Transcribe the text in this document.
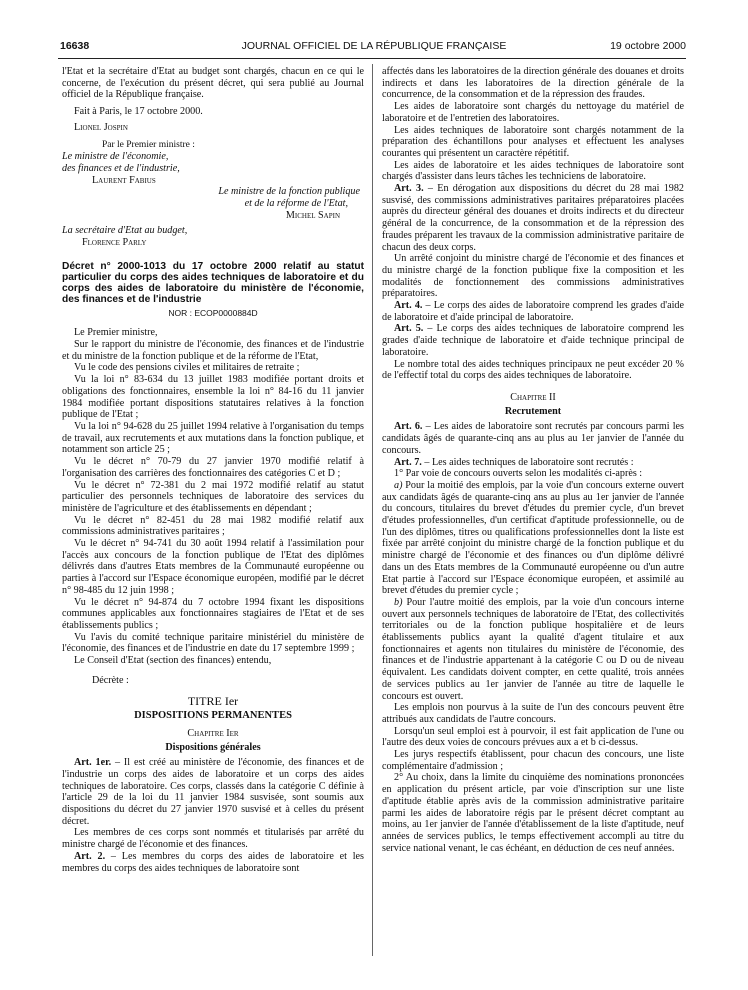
16638	JOURNAL OFFICIEL DE LA RÉPUBLIQUE FRANÇAISE	19 octobre 2000

l'Etat et la secrétaire d'Etat au budget sont chargés, chacun en ce qui le concerne, de l'exécution du présent décret, qui sera publié au Journal officiel de la République française.

Fait à Paris, le 17 octobre 2000.

Lionel Jospin

Par le Premier ministre :

Le ministre de l'économie,

des finances et de l'industrie,

Laurent Fabius

Le ministre de la fonction publique

et de la réforme de l'Etat,

Michel Sapin

La secrétaire d'Etat au budget,

Florence Parly

Décret n° 2000-1013 du 17 octobre 2000 relatif au statut particulier du corps des aides techniques de laboratoire et du corps des aides de laboratoire du ministère de l'économie, des finances et de l'industrie
NOR : ECOP0000884D

Le Premier ministre,

Sur le rapport du ministre de l'économie, des finances et de l'industrie et du ministre de la fonction publique et de la réforme de l'Etat,

Vu le code des pensions civiles et militaires de retraite ;

Vu la loi n° 83-634 du 13 juillet 1983 modifiée portant droits et obligations des fonctionnaires, ensemble la loi n° 84-16 du 11 janvier 1984 modifiée portant dispositions statutaires relatives à la fonction publique de l'Etat ;

Vu la loi n° 94-628 du 25 juillet 1994 relative à l'organisation du temps de travail, aux recrutements et aux mutations dans la fonction publique, et notamment son article 25 ;

Vu le décret n° 70-79 du 27 janvier 1970 modifié relatif à l'organisation des carrières des fonctionnaires des catégories C et D ;

Vu le décret n° 72-381 du 2 mai 1972 modifié relatif au statut particulier des personnels techniques de laboratoire des services du ministère de l'agriculture et des établissements en dépendant ;

Vu le décret n° 82-451 du 28 mai 1982 modifié relatif aux commissions administratives paritaires ;

Vu le décret n° 94-741 du 30 août 1994 relatif à l'assimilation pour l'accès aux concours de la fonction publique de l'Etat des diplômes délivrés dans d'autres Etats membres de la Communauté européenne ou parties à l'accord sur l'Espace économique européen, modifié par le décret n° 98-485 du 12 juin 1998 ;

Vu le décret n° 94-874 du 7 octobre 1994 fixant les dispositions communes applicables aux fonctionnaires stagiaires de l'Etat et de ses établissements publics ;

Vu l'avis du comité technique paritaire ministériel du ministère de l'économie, des finances et de l'industrie en date du 17 septembre 1999 ;

Le Conseil d'Etat (section des finances) entendu,

Décrète :

TITRE Ier
DISPOSITIONS PERMANENTES
Chapitre Ier
Dispositions générales

Art. 1er. – Il est créé au ministère de l'économie, des finances et de l'industrie un corps des aides de laboratoire et un corps des aides techniques de laboratoire. Ces corps, classés dans la catégorie C définie à l'article 29 de la loi du 11 janvier 1984 susvisée, sont soumis aux dispositions du décret du 27 janvier 1970 susvisé et à celles du présent décret.

Les membres de ces corps sont nommés et titularisés par arrêté du ministre chargé de l'économie et des finances.

Art. 2. – Les membres du corps des aides de laboratoire et les membres du corps des aides techniques de laboratoire sont

affectés dans les laboratoires de la direction générale des douanes et droits indirects et dans les laboratoires de la direction générale de la concurrence, de la consommation et de la répression des fraudes.

Les aides de laboratoire sont chargés du nettoyage du matériel de laboratoire et de l'entretien des laboratoires.

Les aides techniques de laboratoire sont chargés notamment de la préparation des échantillons pour analyses et effectuent les analyses courantes qui présentent un caractère répétitif.

Les aides de laboratoire et les aides techniques de laboratoire sont chargés d'assister dans leurs tâches les techniciens de laboratoire.

Art. 3. – En dérogation aux dispositions du décret du 28 mai 1982 susvisé, des commissions administratives paritaires préparatoires placées auprès du directeur général des douanes et droits indirects et du directeur général de la concurrence, de la consommation et de la répression des fraudes préparent les travaux de la commission administrative paritaire de chacun des deux corps.

Un arrêté conjoint du ministre chargé de l'économie et des finances et du ministre chargé de la fonction publique fixe la composition et les modalités de fonctionnement des commissions administratives préparatoires.

Art. 4. – Le corps des aides de laboratoire comprend les grades d'aide de laboratoire et d'aide principal de laboratoire.

Art. 5. – Le corps des aides techniques de laboratoire comprend les grades d'aide technique de laboratoire et d'aide technique principal de laboratoire.

Le nombre total des aides techniques principaux ne peut excéder 20 % de l'effectif total du corps des aides techniques de laboratoire.

Chapitre II
Recrutement

Art. 6. – Les aides de laboratoire sont recrutés par concours parmi les candidats âgés de quarante-cinq ans au plus au 1er janvier de l'année du concours.

Art. 7. – Les aides techniques de laboratoire sont recrutés :

1° Par voie de concours ouverts selon les modalités ci-après :

a) Pour la moitié des emplois, par la voie d'un concours externe ouvert aux candidats âgés de quarante-cinq ans au plus au 1er janvier de l'année du concours, titulaires du brevet d'études du premier cycle, d'un brevet d'études professionnelles, d'un certificat d'aptitude professionnelle, ou de l'un des diplômes, titres ou qualifications professionnelles dont la liste est fixée par arrêté conjoint du ministre chargé de la fonction publique et du ministre chargé de l'économie et des finances ou d'un diplôme délivré dans un des Etats membres de la Communauté européenne ou d'un autre Etat partie à l'accord sur l'Espace économique européen, et assimilé au brevet d'études du premier cycle ;

b) Pour l'autre moitié des emplois, par la voie d'un concours interne ouvert aux personnels techniques de laboratoire de l'Etat, des collectivités territoriales ou de la fonction publique hospitalière et de leurs établissements publics ayant la qualité d'agent titulaire et aux fonctionnaires et agents non titulaires du ministère de l'économie, des finances et de l'industrie appartenant à la catégorie C ou D ou de niveau équivalent. Les candidats doivent compter, en cette qualité, trois années de services publics au 1er janvier de l'année au titre de laquelle le concours est ouvert.

Les emplois non pourvus à la suite de l'un des concours peuvent être attribués aux candidats de l'autre concours.

Lorsqu'un seul emploi est à pourvoir, il est fait application de l'une ou l'autre des deux voies de concours prévues aux a et b ci-dessus.

Les jurys respectifs établissent, pour chacun des concours, une liste complémentaire d'admission ;

2° Au choix, dans la limite du cinquième des nominations prononcées en application du présent article, par voie d'inscription sur une liste d'aptitude établie après avis de la commission administrative paritaire parmi les aides de laboratoire régis par le présent décret comptant au moins, au 1er janvier de l'année d'établissement de la liste d'aptitude, neuf années de services publics, le temps effectivement accompli au titre du service national venant, le cas échéant, en déduction de ces neuf années.
